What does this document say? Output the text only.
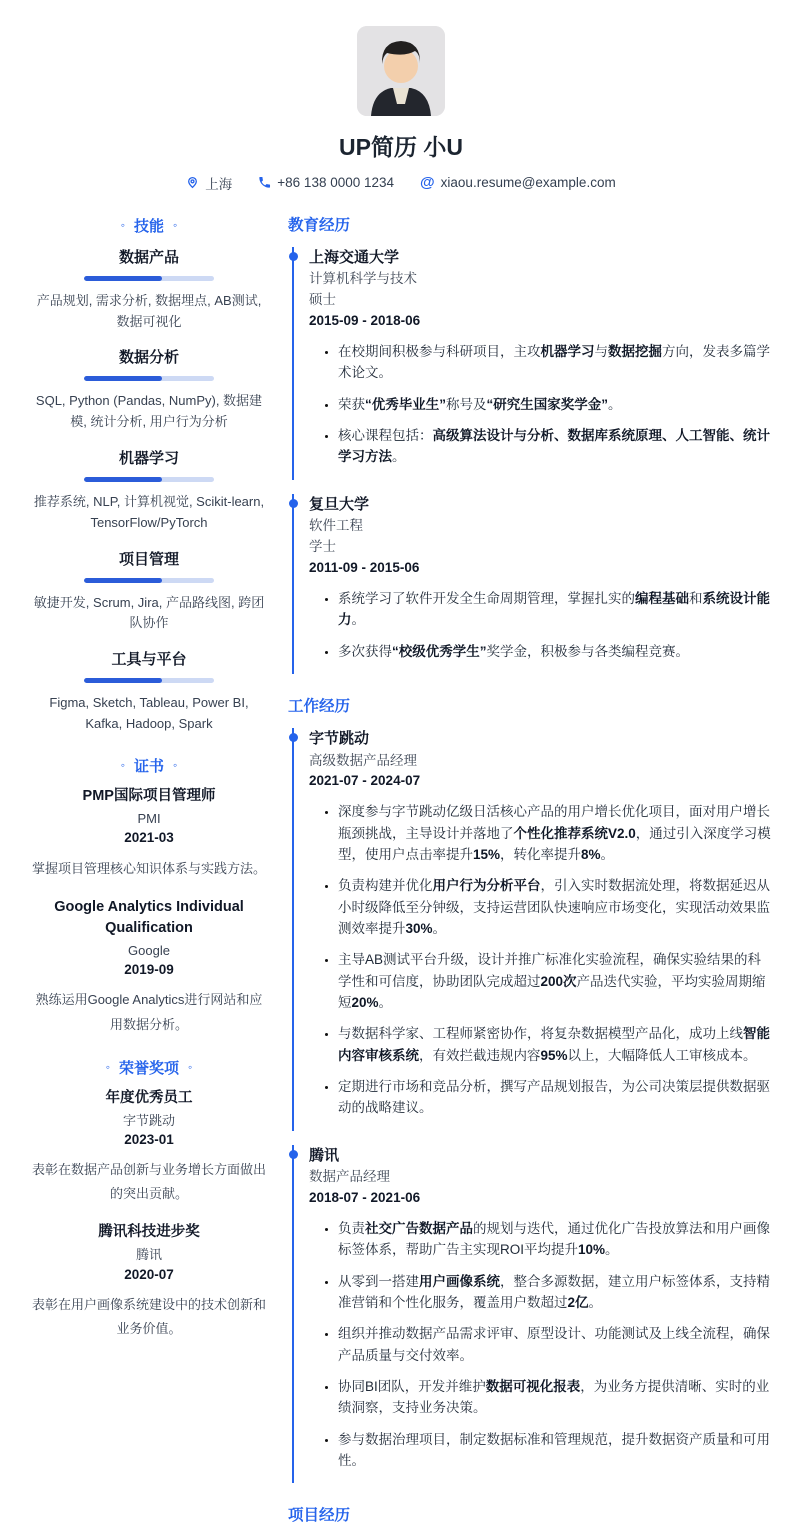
UP简历 小U
上海	+86 138 0000 1234 @ xiaou.resume@example.com
◦ 技能 ◦
数据产品
产品规划, 需求分析, 数据埋点, AB测试, 数据可视化
数据分析
SQL, Python (Pandas, NumPy), 数据建模, 统计分析, 用户行为分析
机器学习
推荐系统, NLP, 计算机视觉, Scikit-learn, TensorFlow/PyTorch
项目管理
敏捷开发, Scrum, Jira, 产品路线图, 跨团队协作
工具与平台
Figma, Sketch, Tableau, Power BI, Kafka, Hadoop, Spark
◦ 证书 ◦
PMP国际项目管理师
PMI
2021-03
掌握项目管理核心知识体系与实践方法。
Google Analytics Individual Qualification
Google
2019-09
熟练运用Google Analytics进行网站和应用数据分析。
◦ 荣誉奖项 ◦
年度优秀员工
字节跳动
2023-01
表彰在数据产品创新与业务增长方面做出的突出贡献。
腾讯科技进步奖
腾讯
2020-07
表彰在用户画像系统建设中的技术创新和业务价值。
教育经历
上海交通大学
计算机科学与技术
硕士
2015-09 - 2018-06
• 在校期间积极参与科研项目，主攻机器学习与数据挖掘方向，发表多篇学术论文。
• 荣获“优秀毕业生”称号及“研究生国家奖学金”。
• 核心课程包括：高级算法设计与分析、数据库系统原理、人工智能、统计学习方法。
复旦大学
软件工程
学士
2011-09 - 2015-06
• 系统学习了软件开发全生命周期管理，掌握扎实的编程基础和系统设计能力。
• 多次获得“校级优秀学生”奖学金，积极参与各类编程竞赛。
工作经历
字节跳动
高级数据产品经理
2021-07 - 2024-07
• 深度参与字节跳动亿级日活核心产品的用户增长优化项目，面对用户增长瓶颈挑战，主导设计并落地了个性化推荐系统V2.0，通过引入深度学习模型，使用户点击率提升15%，转化率提升8%。
• 负责构建并优化用户行为分析平台，引入实时数据流处理，将数据延迟从小时级降低至分钟级，支持运营团队快速响应市场变化，实现活动效果监测效率提升30%。
• 主导AB测试平台升级，设计并推广标准化实验流程，确保实验结果的科学性和可信度，协助团队完成超过200次产品迭代实验，平均实验周期缩短20%。
• 与数据科学家、工程师紧密协作，将复杂数据模型产品化，成功上线智能内容审核系统，有效拦截违规内容95%以上，大幅降低人工审核成本。
• 定期进行市场和竞品分析，撰写产品规划报告，为公司决策层提供数据驱动的战略建议。
腾讯
数据产品经理
2018-07 - 2021-06
• 负责社交广告数据产品的规划与迭代，通过优化广告投放算法和用户画像标签体系，帮助广告主实现ROI平均提升10%。
• 从零到一搭建用户画像系统，整合多源数据，建立用户标签体系，支持精准营销和个性化服务，覆盖用户数超过2亿。
• 组织并推动数据产品需求评审、原型设计、功能测试及上线全流程，确保产品质量与交付效率。
• 协同BI团队，开发并维护数据可视化报表，为业务方提供清晰、实时的业绩洞察，支持业务决策。
• 参与数据治理项目，制定数据标准和管理规范，提升数据资产质量和可用性。
项目经历
